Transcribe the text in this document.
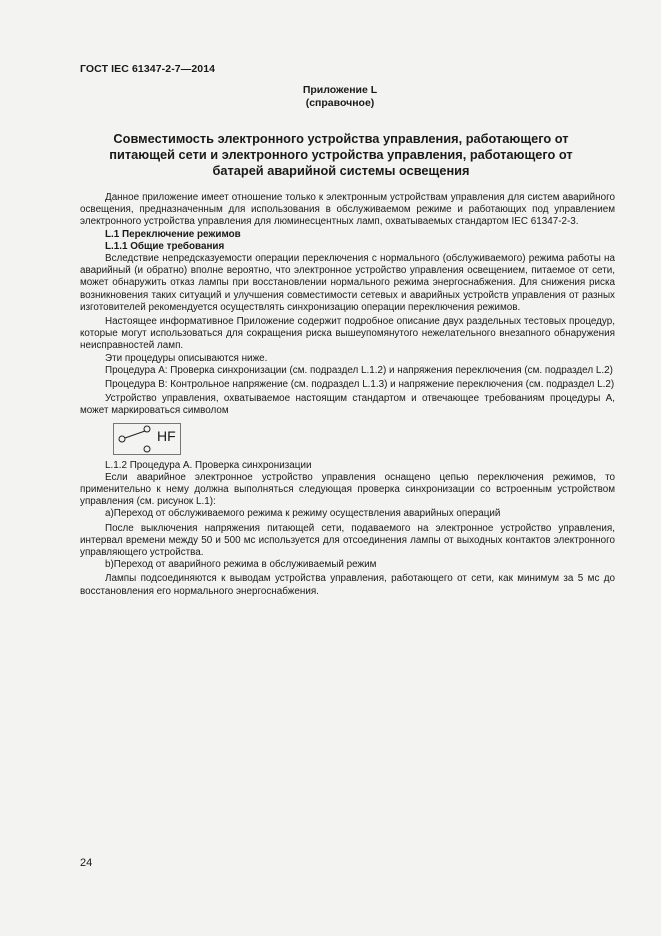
ГОСТ IEC 61347-2-7—2014
Приложение L
(справочное)
Совместимость электронного устройства управления, работающего от
питающей сети и электронного устройства управления, работающего от
батарей аварийной системы освещения

Данное приложение имеет отношение только к электронным устройствам управления для систем аварийного освещения, предназначенным для использования в обслуживаемом режиме и работающих под управлением электронного устройства управления для люминесцентных ламп, охватываемых стандартом IEC 61347-2-3.

L.1 Переключение режимов

L.1.1 Общие требования

Вследствие непредсказуемости операции переключения с нормального (обслуживаемого) режима работы на аварийный (и обратно) вполне вероятно, что электронное устройство управления освещением, питаемое от сети, может обнаружить отказ лампы при восстановлении нормального режима энергоснабжения. Для снижения риска возникновения таких ситуаций и улучшения совместимости сетевых и аварийных устройств управления от разных изготовителей рекомендуется осуществлять синхронизацию операции переключения режимов.

Настоящее информативное Приложение содержит подробное описание двух раздельных тестовых процедур, которые могут использоваться для сокращения риска вышеупомянутого нежелательного внезапного обнаружения неисправностей ламп.

Эти процедуры описываются ниже.

Процедура A: Проверка синхронизации (см. подраздел L.1.2) и напряжения переключения (см. подраздел L.2)

Процедура B: Контрольное напряжение (см. подраздел L.1.3) и напряжение переключения (см. подраздел L.2)

Устройство управления, охватываемое настоящим стандартом и отвечающее требованиям процедуры A, может маркироваться символом

HF

L.1.2 Процедура A. Проверка синхронизации

Если аварийное электронное устройство управления оснащено цепью переключения режимов, то применительно к нему должна выполняться следующая проверка синхронизации со встроенным устройством управления (см. рисунок L.1):

a)Переход от обслуживаемого режима к режиму осуществления аварийных операций

После выключения напряжения питающей сети, подаваемого на электронное устройство управления, интервал времени между 50 и 500 мс используется для отсоединения лампы от выходных контактов электронного управляющего устройства.

b)Переход от аварийного режима в обслуживаемый режим

Лампы подсоединяются к выводам устройства управления, работающего от сети, как минимум за 5 мс до восстановления его нормального энергоснабжения.

24
